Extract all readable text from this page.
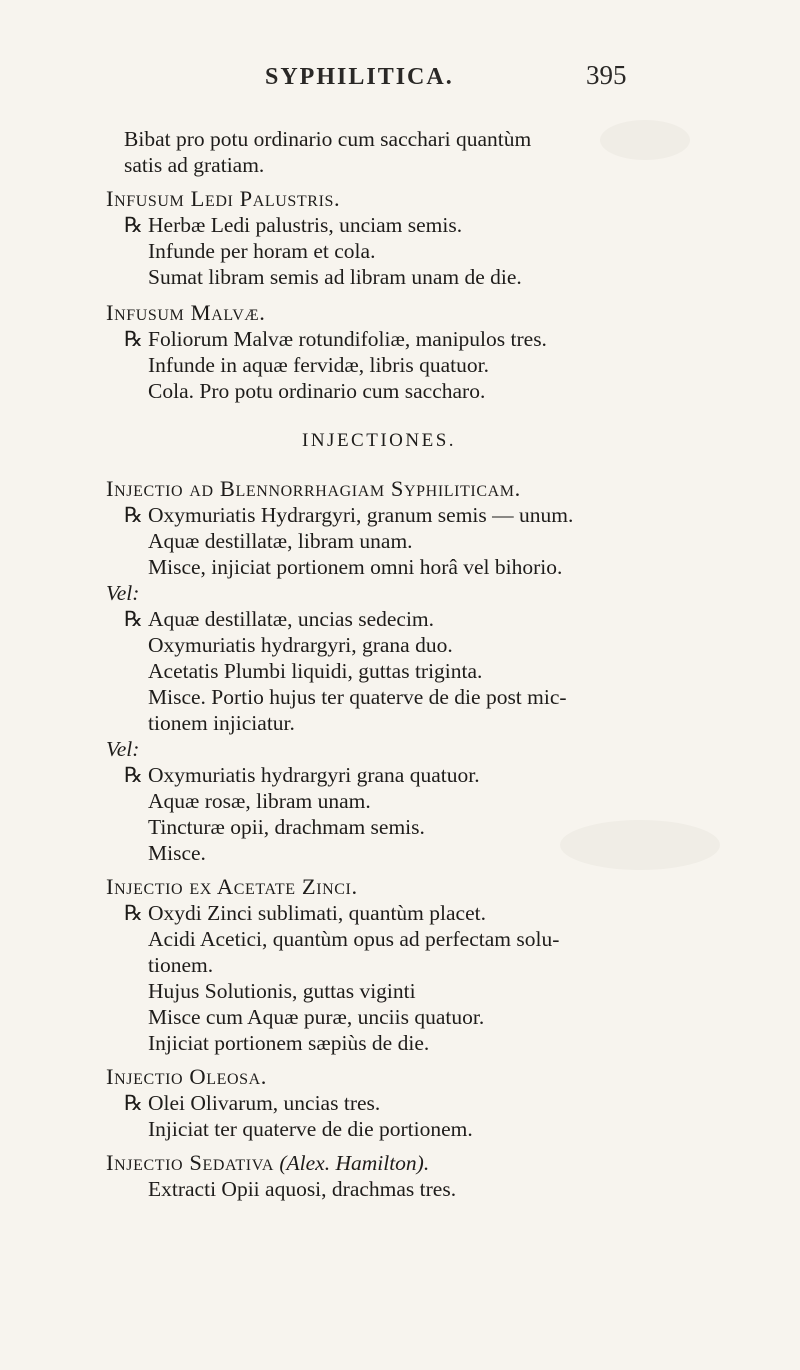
SYPHILITICA.	395
Bibat pro potu ordinario cum sacchari quantùm
satis ad gratiam.
Infusum Ledi Palustris.
℞ Herbæ Ledi palustris, unciam semis.
Infunde per horam et cola.
Sumat libram semis ad libram unam de die.
Infusum Malvæ.
℞ Foliorum Malvæ rotundifoliæ, manipulos tres.
Infunde in aquæ fervidæ, libris quatuor.
Cola. Pro potu ordinario cum saccharo.
INJECTIONES.
Injectio ad Blennorrhagiam Syphiliticam.
℞ Oxymuriatis Hydrargyri, granum semis — unum.
Aquæ destillatæ, libram unam.
Misce, injiciat portionem omni horâ vel bihorio.
Vel:
℞ Aquæ destillatæ, uncias sedecim.
Oxymuriatis hydrargyri, grana duo.
Acetatis Plumbi liquidi, guttas triginta.
Misce. Portio hujus ter quaterve de die post mic-
tionem injiciatur.
Vel:
℞ Oxymuriatis hydrargyri grana quatuor.
Aquæ rosæ, libram unam.
Tincturæ opii, drachmam semis.
Misce.
Injectio ex Acetate Zinci.
℞ Oxydi Zinci sublimati, quantùm placet.
Acidi Acetici, quantùm opus ad perfectam solu-
tionem.
Hujus Solutionis, guttas viginti
Misce cum Aquæ puræ, unciis quatuor.
Injiciat portionem sæpiùs de die.
Injectio Oleosa.
℞ Olei Olivarum, uncias tres.
Injiciat ter quaterve de die portionem.
Injectio Sedativa (Alex. Hamilton).
Extracti Opii aquosi, drachmas tres.
